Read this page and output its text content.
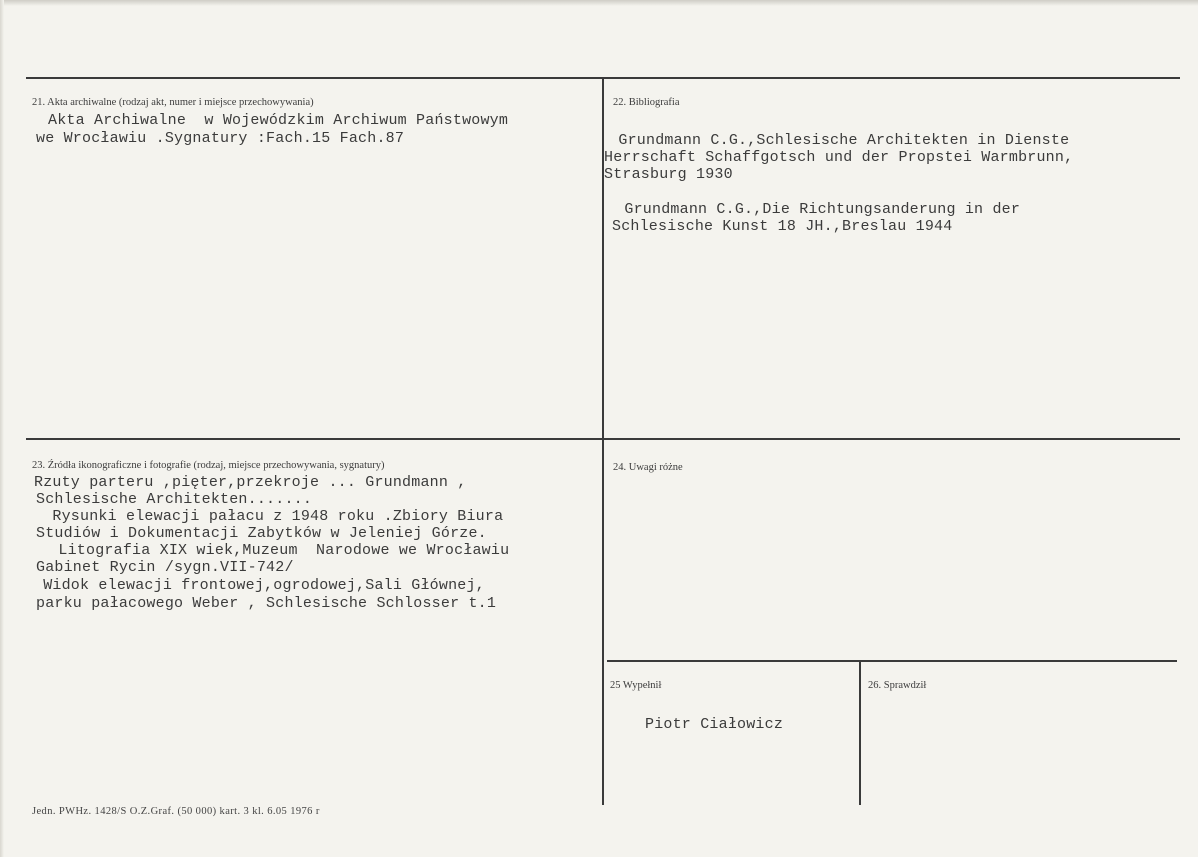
21. Akta archiwalne (rodzaj akt, numer i miejsce przechowywania)
Akta Archiwalne  w Wojewódzkim Archiwum Państwowym
we Wrocławiu .Sygnatury :Fach.15 Fach.87
22. Bibliografia
Grundmann C.G.,Schlesische Architekten in Dienste
Herrschaft Schaffgotsch und der Propstei Warmbrunn,
Strasburg 1930
Grundmann C.G.,Die Richtungsanderung in der
Schlesische Kunst 18 JH.,Breslau 1944
23. Źródła ikonograficzne i fotografie (rodzaj, miejsce przechowywania, sygnatury)
Rzuty parteru ,pięter,przekroje ... Grundmann ,
Schlesische Architekten.......
Rysunki elewacji pałacu z 1948 roku .Zbiory Biura
Studiów i Dokumentacji Zabytków w Jeleniej Górze.
Litografia XIX wiek,Muzeum  Narodowe we Wrocławiu
Gabinet Rycin /sygn.VII-742/
Widok elewacji frontowej,ogrodowej,Sali Głównej,
parku pałacowego Weber , Schlesische Schlosser t.1
24. Uwagi różne
25 Wypełnił
Piotr Ciałowicz
26. Sprawdził
Jedn. PWHz. 1428/S O.Z.Graf. (50 000) kart. 3 kl. 6.05 1976 r
